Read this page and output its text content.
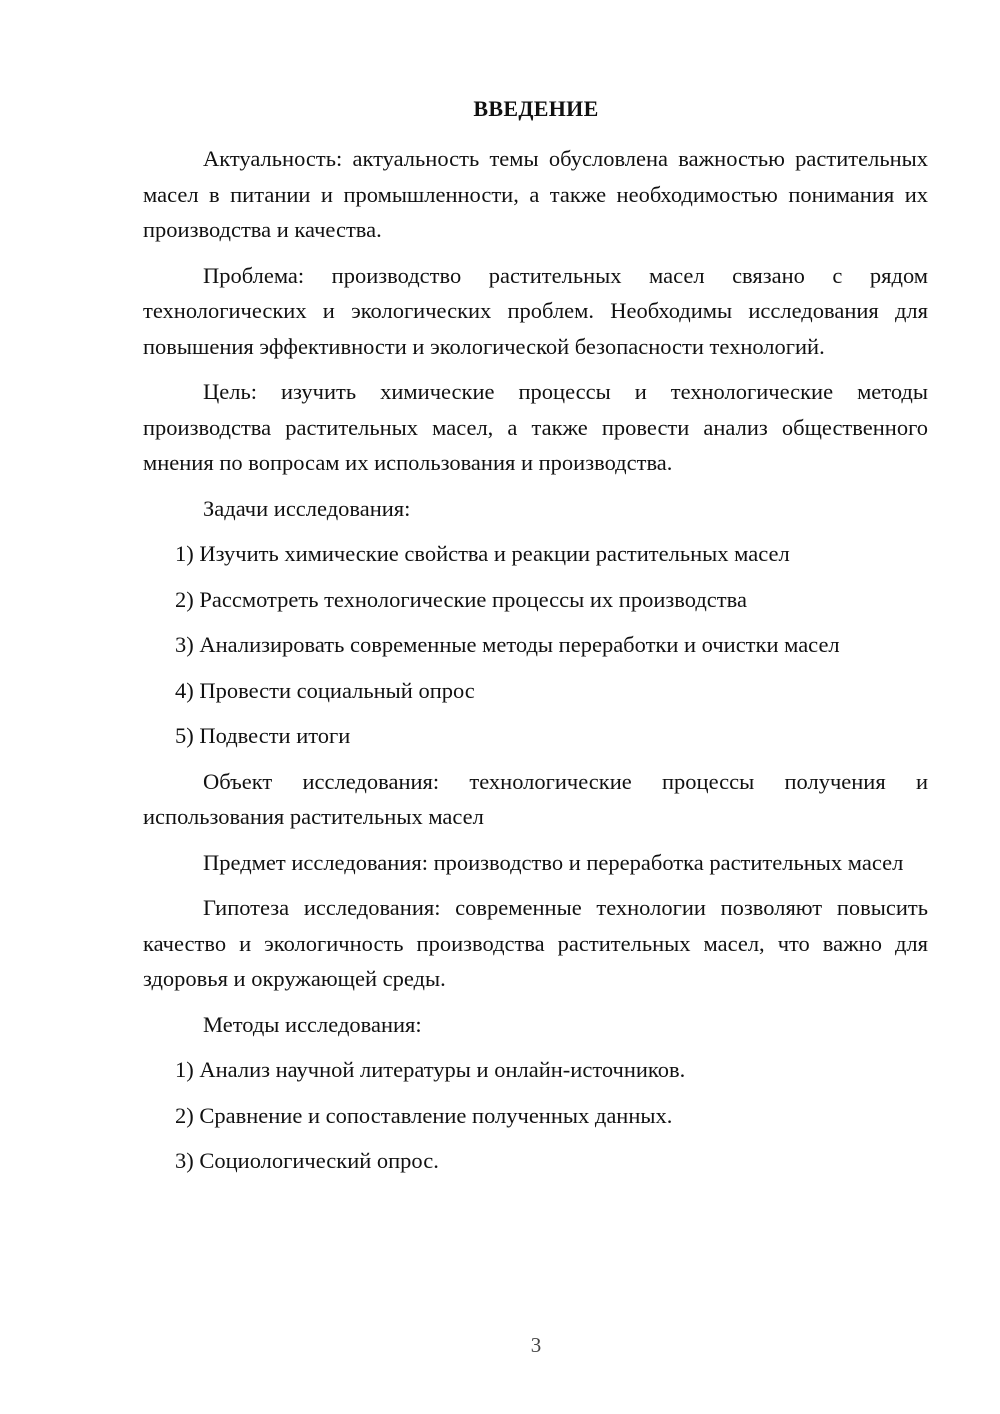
ВВЕДЕНИЕ

Актуальность: актуальность темы обусловлена важностью растительных масел в питании и промышленности, а также необходимостью понимания их производства и качества.

Проблема: производство растительных масел связано с рядом технологических и экологических проблем. Необходимы исследования для повышения эффективности и экологической безопасности технологий.

Цель: изучить химические процессы и технологические методы производства растительных масел, а также провести анализ общественного мнения по вопросам их использования и производства.

Задачи исследования:
1) Изучить химические свойства и реакции растительных масел
2) Рассмотреть технологические процессы их производства
3) Анализировать современные методы переработки и очистки масел
4) Провести социальный опрос
5) Подвести итоги

Объект исследования: технологические процессы получения и использования растительных масел

Предмет исследования: производство и переработка растительных масел

Гипотеза исследования: современные технологии позволяют повысить качество и экологичность производства растительных масел, что важно для здоровья и окружающей среды.

Методы исследования:
1) Анализ научной литературы и онлайн-источников.
2) Сравнение и сопоставление полученных данных.
3) Социологический опрос.
3
